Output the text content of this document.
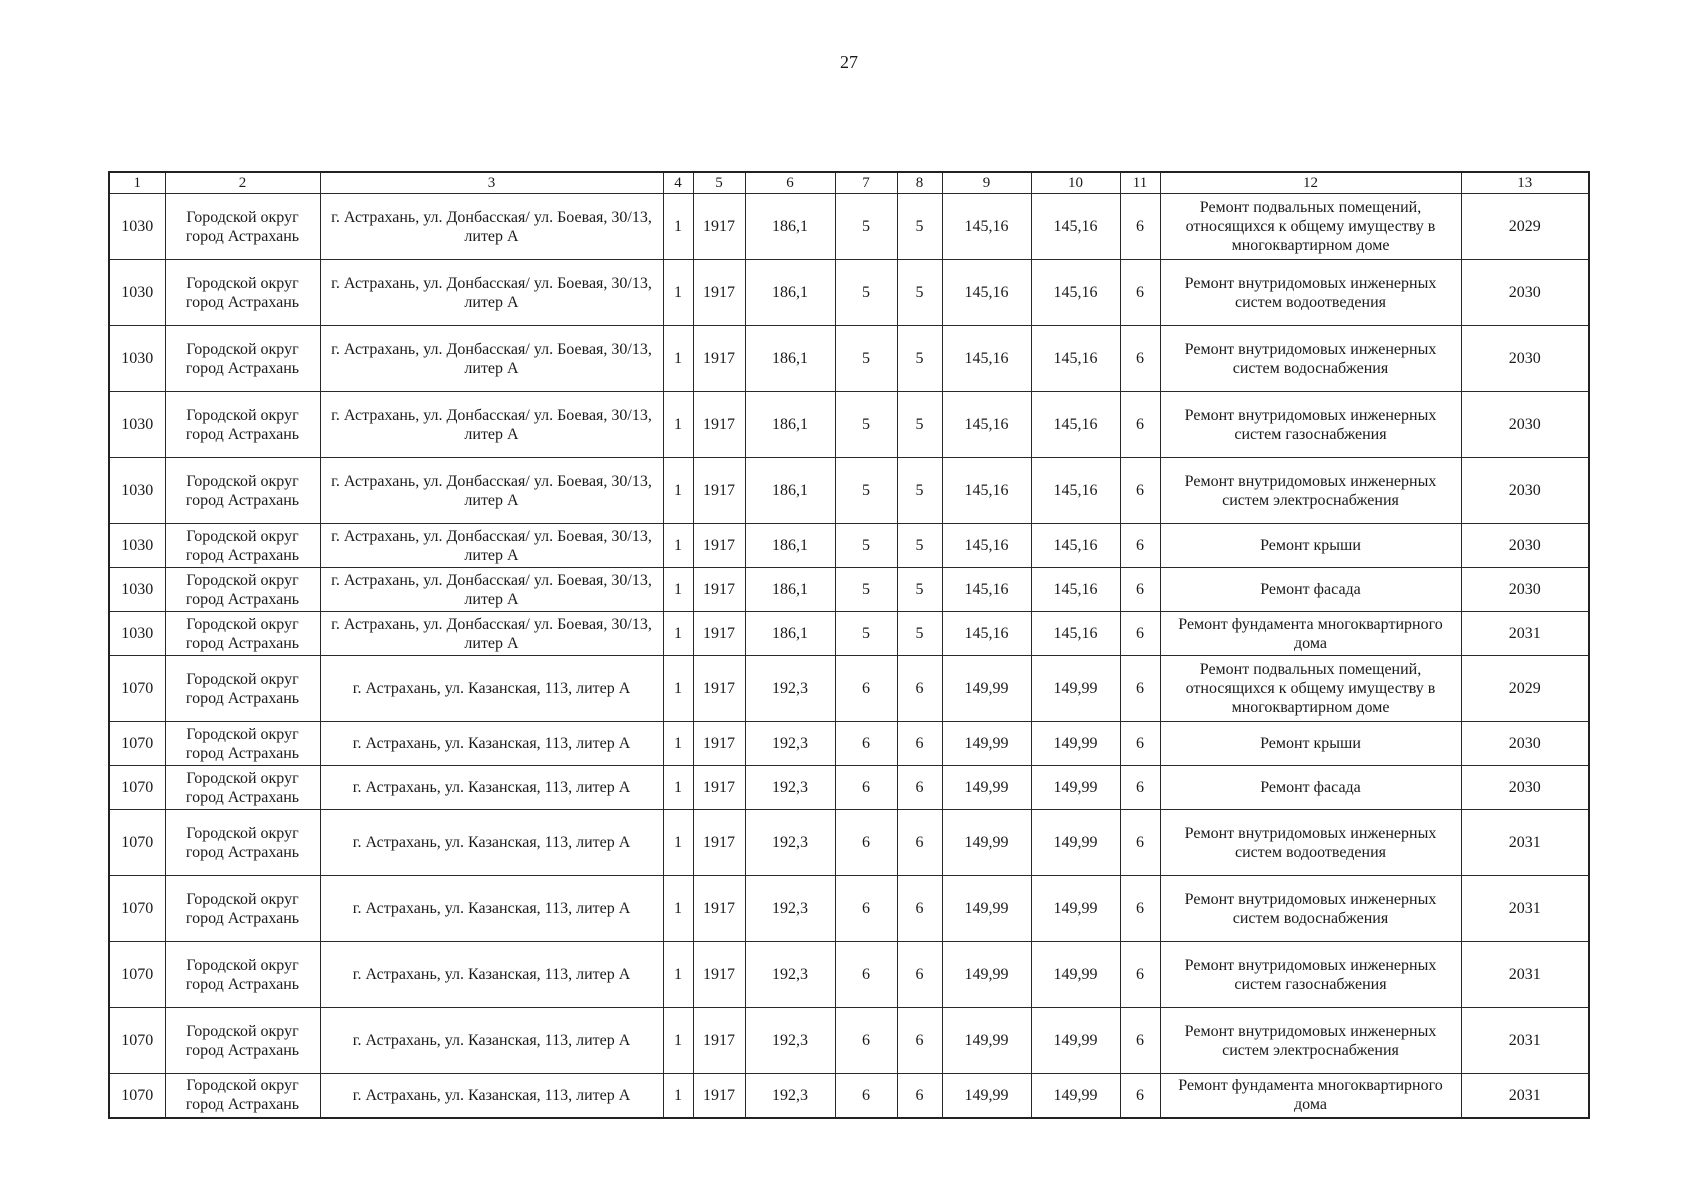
27
1	2	3	4	5	6	7	8	9	10	11	12	13
1030	Городской округ город Астрахань	г. Астрахань, ул. Донбасская/ ул. Боевая, 30/13, литер А	1	1917	186,1	5	5	145,16	145,16	6	Ремонт подвальных помещений, относящихся к общему имуществу в многоквартирном доме	2029
1030	Городской округ город Астрахань	г. Астрахань, ул. Донбасская/ ул. Боевая, 30/13, литер А	1	1917	186,1	5	5	145,16	145,16	6	Ремонт внутридомовых инженерных систем водоотведения	2030
1030	Городской округ город Астрахань	г. Астрахань, ул. Донбасская/ ул. Боевая, 30/13, литер А	1	1917	186,1	5	5	145,16	145,16	6	Ремонт внутридомовых инженерных систем водоснабжения	2030
1030	Городской округ город Астрахань	г. Астрахань, ул. Донбасская/ ул. Боевая, 30/13, литер А	1	1917	186,1	5	5	145,16	145,16	6	Ремонт внутридомовых инженерных систем газоснабжения	2030
1030	Городской округ город Астрахань	г. Астрахань, ул. Донбасская/ ул. Боевая, 30/13, литер А	1	1917	186,1	5	5	145,16	145,16	6	Ремонт внутридомовых инженерных систем электроснабжения	2030
1030	Городской округ город Астрахань	г. Астрахань, ул. Донбасская/ ул. Боевая, 30/13, литер А	1	1917	186,1	5	5	145,16	145,16	6	Ремонт крыши	2030
1030	Городской округ город Астрахань	г. Астрахань, ул. Донбасская/ ул. Боевая, 30/13, литер А	1	1917	186,1	5	5	145,16	145,16	6	Ремонт фасада	2030
1030	Городской округ город Астрахань	г. Астрахань, ул. Донбасская/ ул. Боевая, 30/13, литер А	1	1917	186,1	5	5	145,16	145,16	6	Ремонт фундамента многоквартирного дома	2031
1070	Городской округ город Астрахань	г. Астрахань, ул. Казанская, 113, литер А	1	1917	192,3	6	6	149,99	149,99	6	Ремонт подвальных помещений, относящихся к общему имуществу в многоквартирном доме	2029
1070	Городской округ город Астрахань	г. Астрахань, ул. Казанская, 113, литер А	1	1917	192,3	6	6	149,99	149,99	6	Ремонт крыши	2030
1070	Городской округ город Астрахань	г. Астрахань, ул. Казанская, 113, литер А	1	1917	192,3	6	6	149,99	149,99	6	Ремонт фасада	2030
1070	Городской округ город Астрахань	г. Астрахань, ул. Казанская, 113, литер А	1	1917	192,3	6	6	149,99	149,99	6	Ремонт внутридомовых инженерных систем водоотведения	2031
1070	Городской округ город Астрахань	г. Астрахань, ул. Казанская, 113, литер А	1	1917	192,3	6	6	149,99	149,99	6	Ремонт внутридомовых инженерных систем водоснабжения	2031
1070	Городской округ город Астрахань	г. Астрахань, ул. Казанская, 113, литер А	1	1917	192,3	6	6	149,99	149,99	6	Ремонт внутридомовых инженерных систем газоснабжения	2031
1070	Городской округ город Астрахань	г. Астрахань, ул. Казанская, 113, литер А	1	1917	192,3	6	6	149,99	149,99	6	Ремонт внутридомовых инженерных систем электроснабжения	2031
1070	Городской округ город Астрахань	г. Астрахань, ул. Казанская, 113, литер А	1	1917	192,3	6	6	149,99	149,99	6	Ремонт фундамента многоквартирного дома	2031
